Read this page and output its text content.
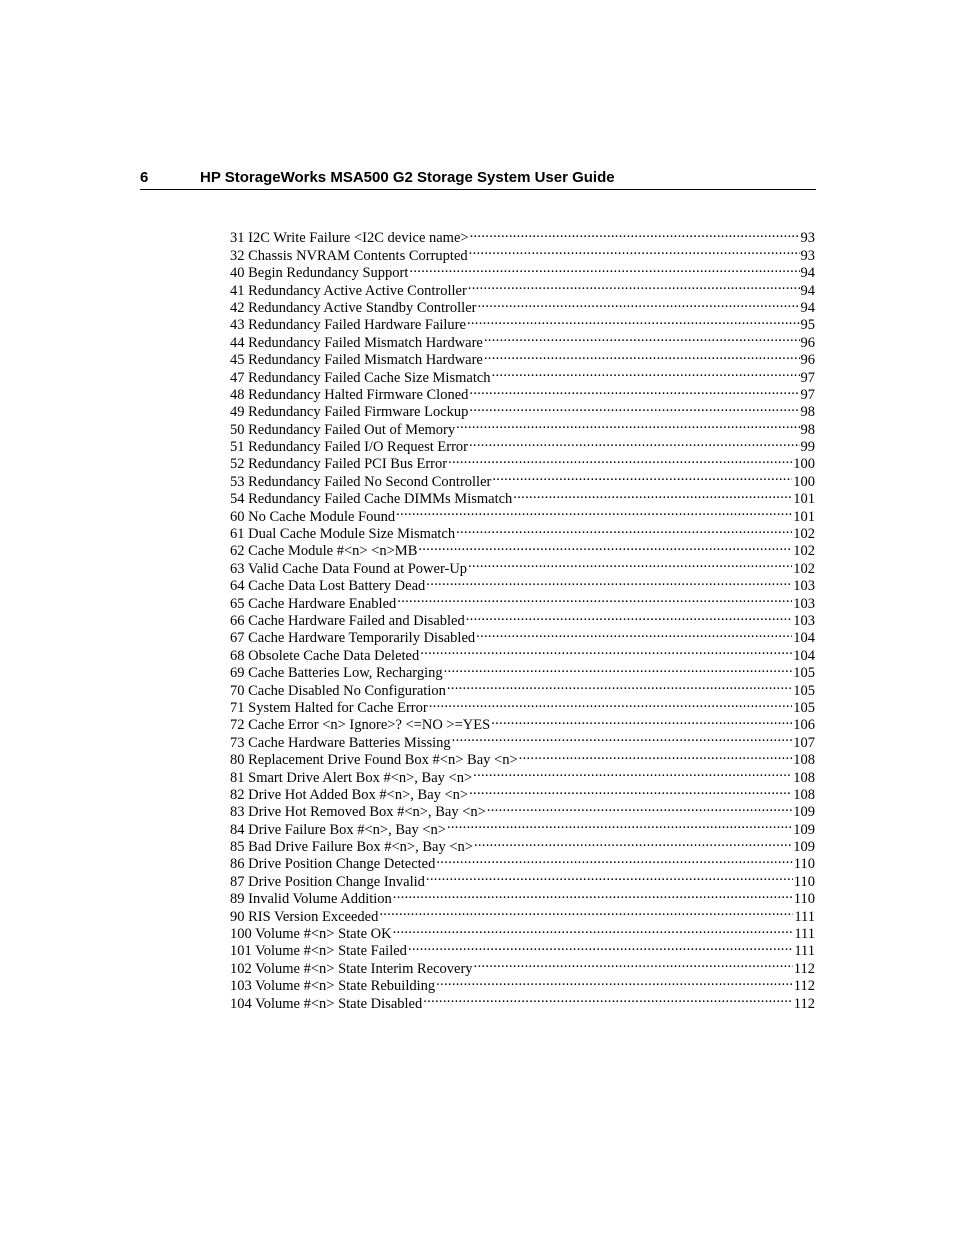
6	HP StorageWorks MSA500 G2 Storage System User Guide
31 I2C Write Failure <I2C device name> .....	93
32 Chassis NVRAM Contents Corrupted .....	93
40 Begin Redundancy Support .....	94
41 Redundancy Active Active Controller .....	94
42 Redundancy Active Standby Controller .....	94
43 Redundancy Failed Hardware Failure .....	95
44 Redundancy Failed Mismatch Hardware .....	96
45 Redundancy Failed Mismatch Hardware .....	96
47 Redundancy Failed Cache Size Mismatch .....	97
48 Redundancy Halted Firmware Cloned .....	97
49 Redundancy Failed Firmware Lockup .....	98
50 Redundancy Failed Out of Memory .....	98
51 Redundancy Failed I/O Request Error .....	99
52 Redundancy Failed PCI Bus Error .....	100
53 Redundancy Failed No Second Controller .....	100
54 Redundancy Failed Cache DIMMs Mismatch .....	101
60 No Cache Module Found .....	101
61 Dual Cache Module Size Mismatch .....	102
62 Cache Module #<n> <n>MB .....	102
63 Valid Cache Data Found at Power-Up .....	102
64 Cache Data Lost Battery Dead .....	103
65 Cache Hardware Enabled .....	103
66 Cache Hardware Failed and Disabled .....	103
67 Cache Hardware Temporarily Disabled .....	104
68 Obsolete Cache Data Deleted .....	104
69 Cache Batteries Low, Recharging .....	105
70 Cache Disabled No Configuration .....	105
71 System Halted for Cache Error .....	105
72 Cache Error <n> Ignore>? <=NO >=YES .....	106
73 Cache Hardware Batteries Missing .....	107
80 Replacement Drive Found Box #<n> Bay <n> .....	108
81 Smart Drive Alert Box #<n>, Bay <n> .....	108
82 Drive Hot Added Box #<n>, Bay <n> .....	108
83 Drive Hot Removed Box #<n>, Bay <n> .....	109
84 Drive Failure Box #<n>, Bay <n> .....	109
85 Bad Drive Failure Box #<n>, Bay <n> .....	109
86 Drive Position Change Detected .....	110
87 Drive Position Change Invalid .....	110
89 Invalid Volume Addition .....	110
90 RIS Version Exceeded .....	111
100 Volume #<n> State OK .....	111
101 Volume #<n> State Failed .....	111
102 Volume #<n> State Interim Recovery .....	112
103 Volume #<n> State Rebuilding .....	112
104 Volume #<n> State Disabled .....	112
